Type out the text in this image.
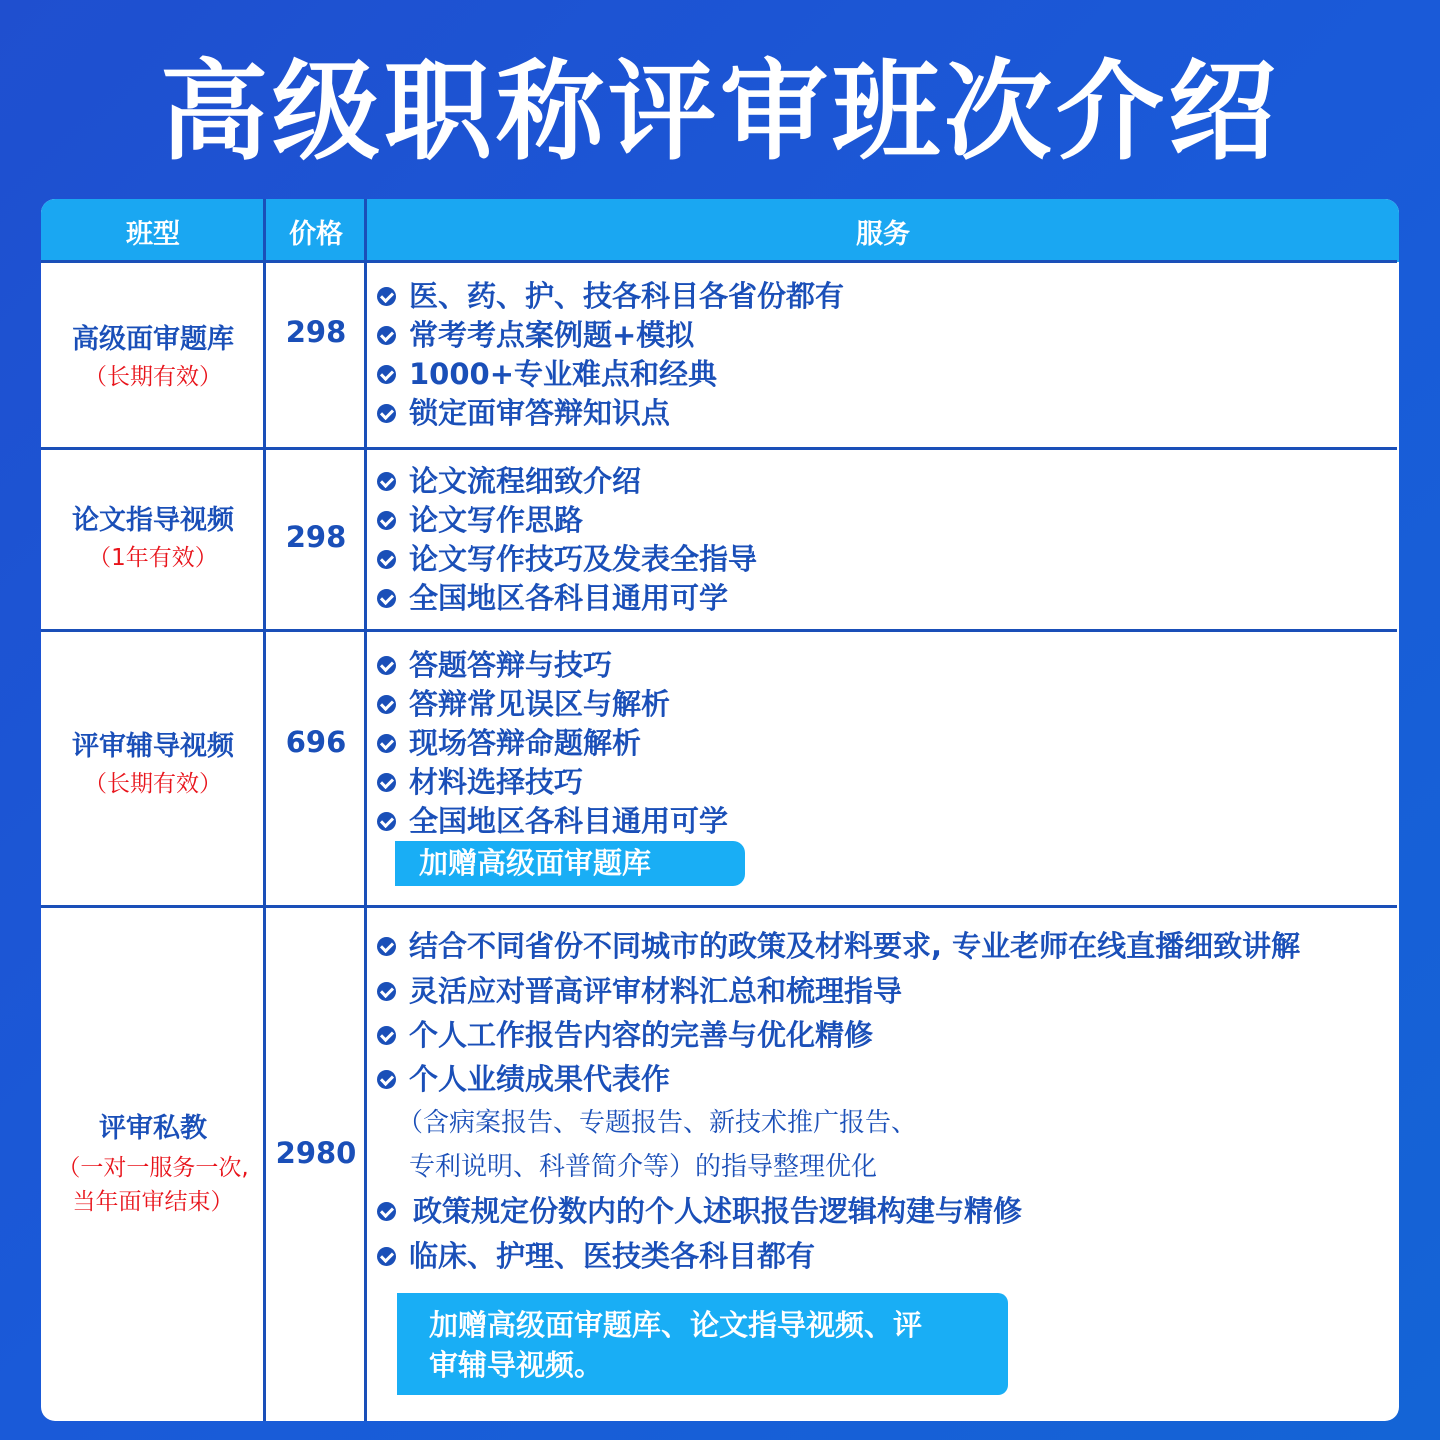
高级职称评审班次介绍
班型	价格	服务
高级面审题库
（长期有效）
298
医、药、护、技各科目各省份都有
常考考点案例题+模拟
1000+专业难点和经典
锁定面审答辩知识点
论文指导视频
（1年有效）
298
论文流程细致介绍
论文写作思路
论文写作技巧及发表全指导
全国地区各科目通用可学
评审辅导视频
（长期有效）
696
答题答辩与技巧
答辩常见误区与解析
现场答辩命题解析
材料选择技巧
全国地区各科目通用可学
加赠高级面审题库
评审私教
（一对一服务一次,
当年面审结束）
2980
结合不同省份不同城市的政策及材料要求, 专业老师在线直播细致讲解
灵活应对晋高评审材料汇总和梳理指导
个人工作报告内容的完善与优化精修
个人业绩成果代表作
（含病案报告、专题报告、新技术推广报告、
专利说明、科普简介等）的指导整理优化
政策规定份数内的个人述职报告逻辑构建与精修
临床、护理、医技类各科目都有
加赠高级面审题库、论文指导视频、评
审辅导视频。
